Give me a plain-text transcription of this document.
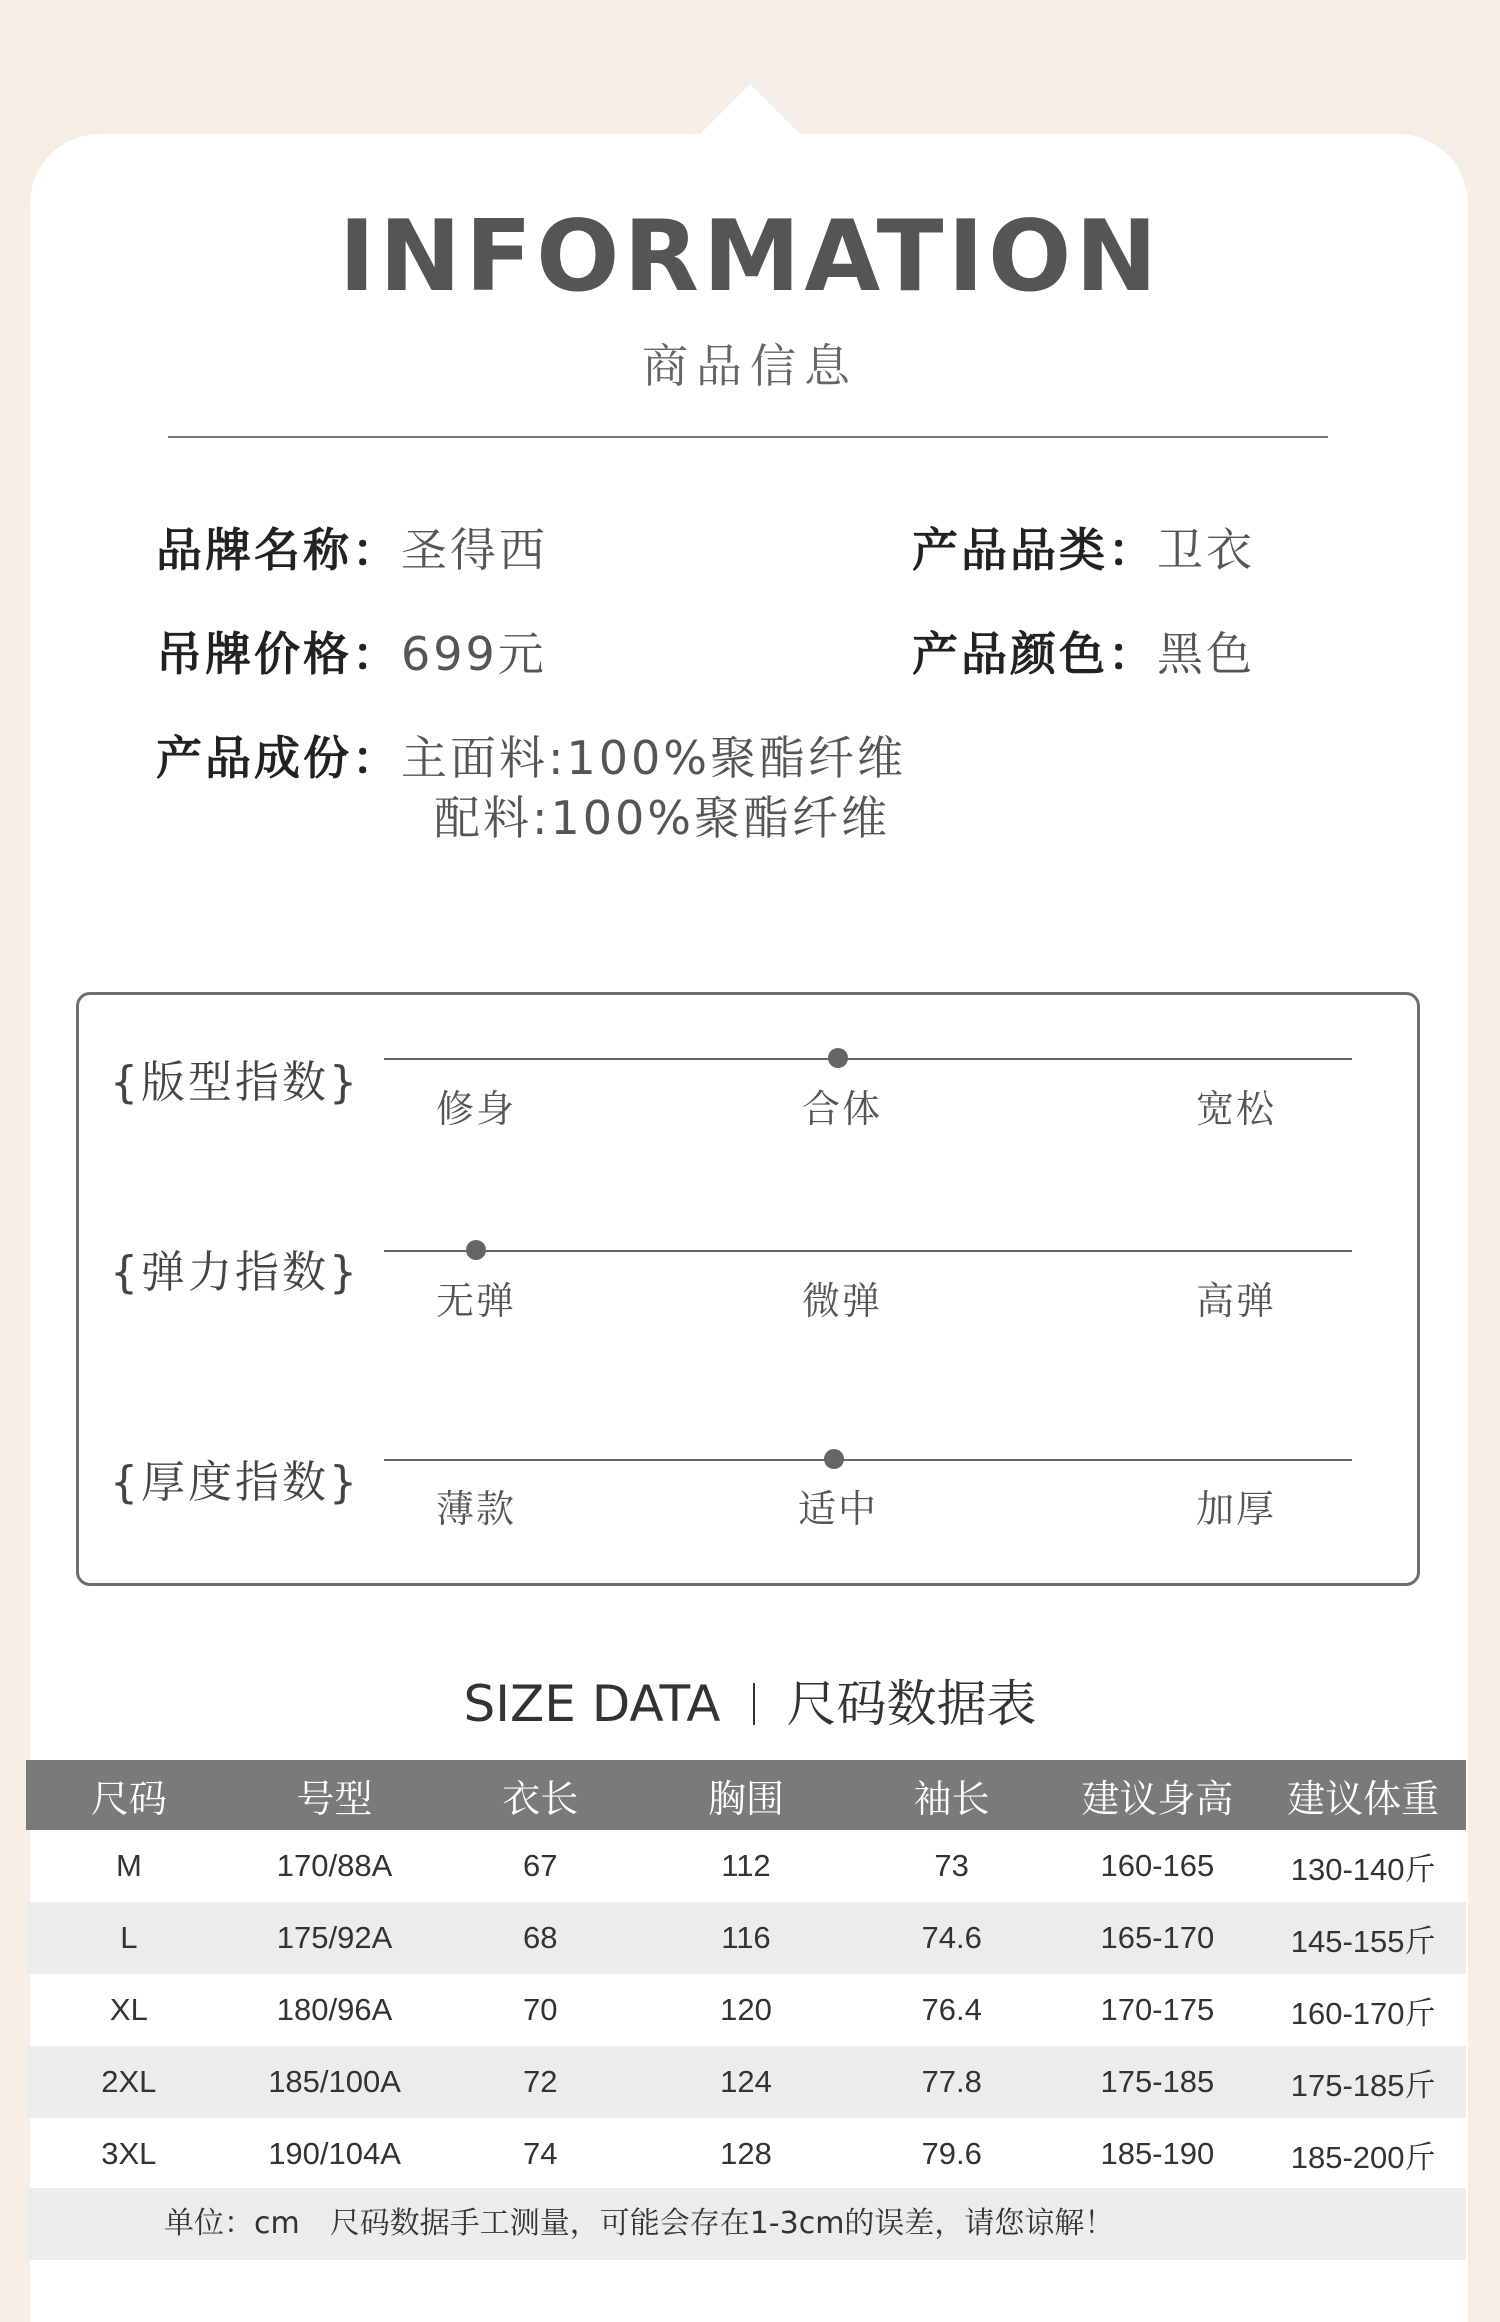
INFORMATION
商品信息
品牌名称：圣得西	产品品类：卫衣
吊牌价格：699元	产品颜色：黑色
产品成份：主面料:100%聚酯纤维
配料:100%聚酯纤维
{版型指数}
修身	合体	宽松
{弹力指数}
无弹	微弹	高弹
{厚度指数}
薄款	适中	加厚
SIZE DATA 尺码数据表
尺码	号型	衣长	胸围	袖长	建议身高	建议体重
M	170/88A	67	112	73	160-165	130-140斤
L	175/92A	68	116	74.6	165-170	145-155斤
XL	180/96A	70	120	76.4	170-175	160-170斤
2XL	185/100A	72	124	77.8	175-185	175-185斤
3XL	190/104A	74	128	79.6	185-190	185-200斤
单位：cm　尺码数据手工测量，可能会存在1-3cm的误差，请您谅解！
